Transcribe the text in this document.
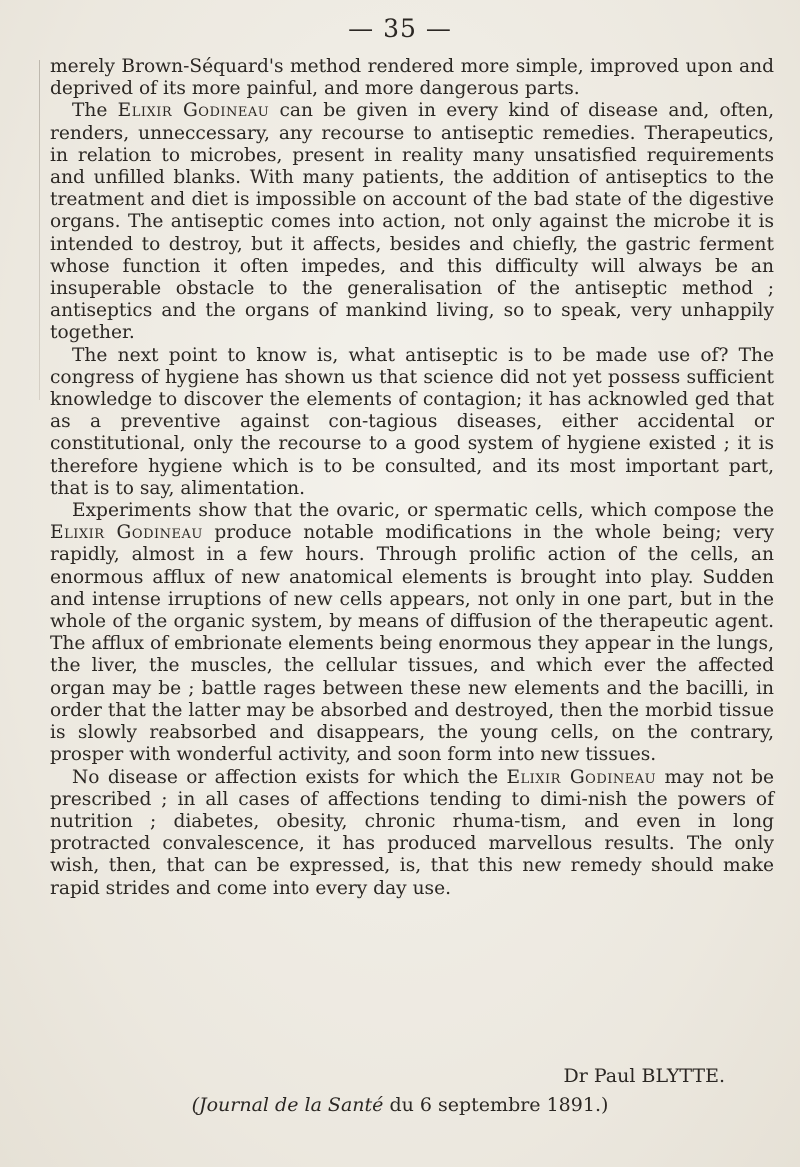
— 35 —

merely Brown-Séquard's method rendered more simple, improved upon and deprived of its more painful, and more dangerous parts.

The Elixir Godineau can be given in every kind of disease and, often, renders, unneccessary, any recourse to antiseptic remedies. Therapeutics, in relation to microbes, present in reality many unsatisfied requirements and unfilled blanks. With many patients, the addition of antiseptics to the treatment and diet is impossible on account of the bad state of the digestive organs. The antiseptic comes into action, not only against the microbe it is intended to destroy, but it affects, besides and chiefly, the gastric ferment whose function it often impedes, and this difficulty will always be an insuperable obstacle to the generalisation of the antiseptic method ; antiseptics and the organs of mankind living, so to speak, very unhappily together.

The next point to know is, what antiseptic is to be made use of? The congress of hygiene has shown us that science did not yet possess sufficient knowledge to discover the elements of contagion; it has acknowled ged that as a preventive against con-tagious diseases, either accidental or constitutional, only the recourse to a good system of hygiene existed ; it is therefore hygiene which is to be consulted, and its most important part, that is to say, alimentation.

Experiments show that the ovaric, or spermatic cells, which compose the Elixir Godineau produce notable modifications in the whole being; very rapidly, almost in a few hours. Through prolific action of the cells, an enormous afflux of new anatomical elements is brought into play. Sudden and intense irruptions of new cells appears, not only in one part, but in the whole of the organic system, by means of diffusion of the therapeutic agent. The afflux of embrionate elements being enormous they appear in the lungs, the liver, the muscles, the cellular tissues, and which ever the affected organ may be ; battle rages between these new elements and the bacilli, in order that the latter may be absorbed and destroyed, then the morbid tissue is slowly reabsorbed and disappears, the young cells, on the contrary, prosper with wonderful activity, and soon form into new tissues.

No disease or affection exists for which the Elixir Godineau may not be prescribed ; in all cases of affections tending to dimi-nish the powers of nutrition ; diabetes, obesity, chronic rhuma-tism, and even in long protracted convalescence, it has produced marvellous results. The only wish, then, that can be expressed, is, that this new remedy should make rapid strides and come into every day use.

Dr Paul BLYTTE.
(Journal de la Santé du 6 septembre 1891.)
